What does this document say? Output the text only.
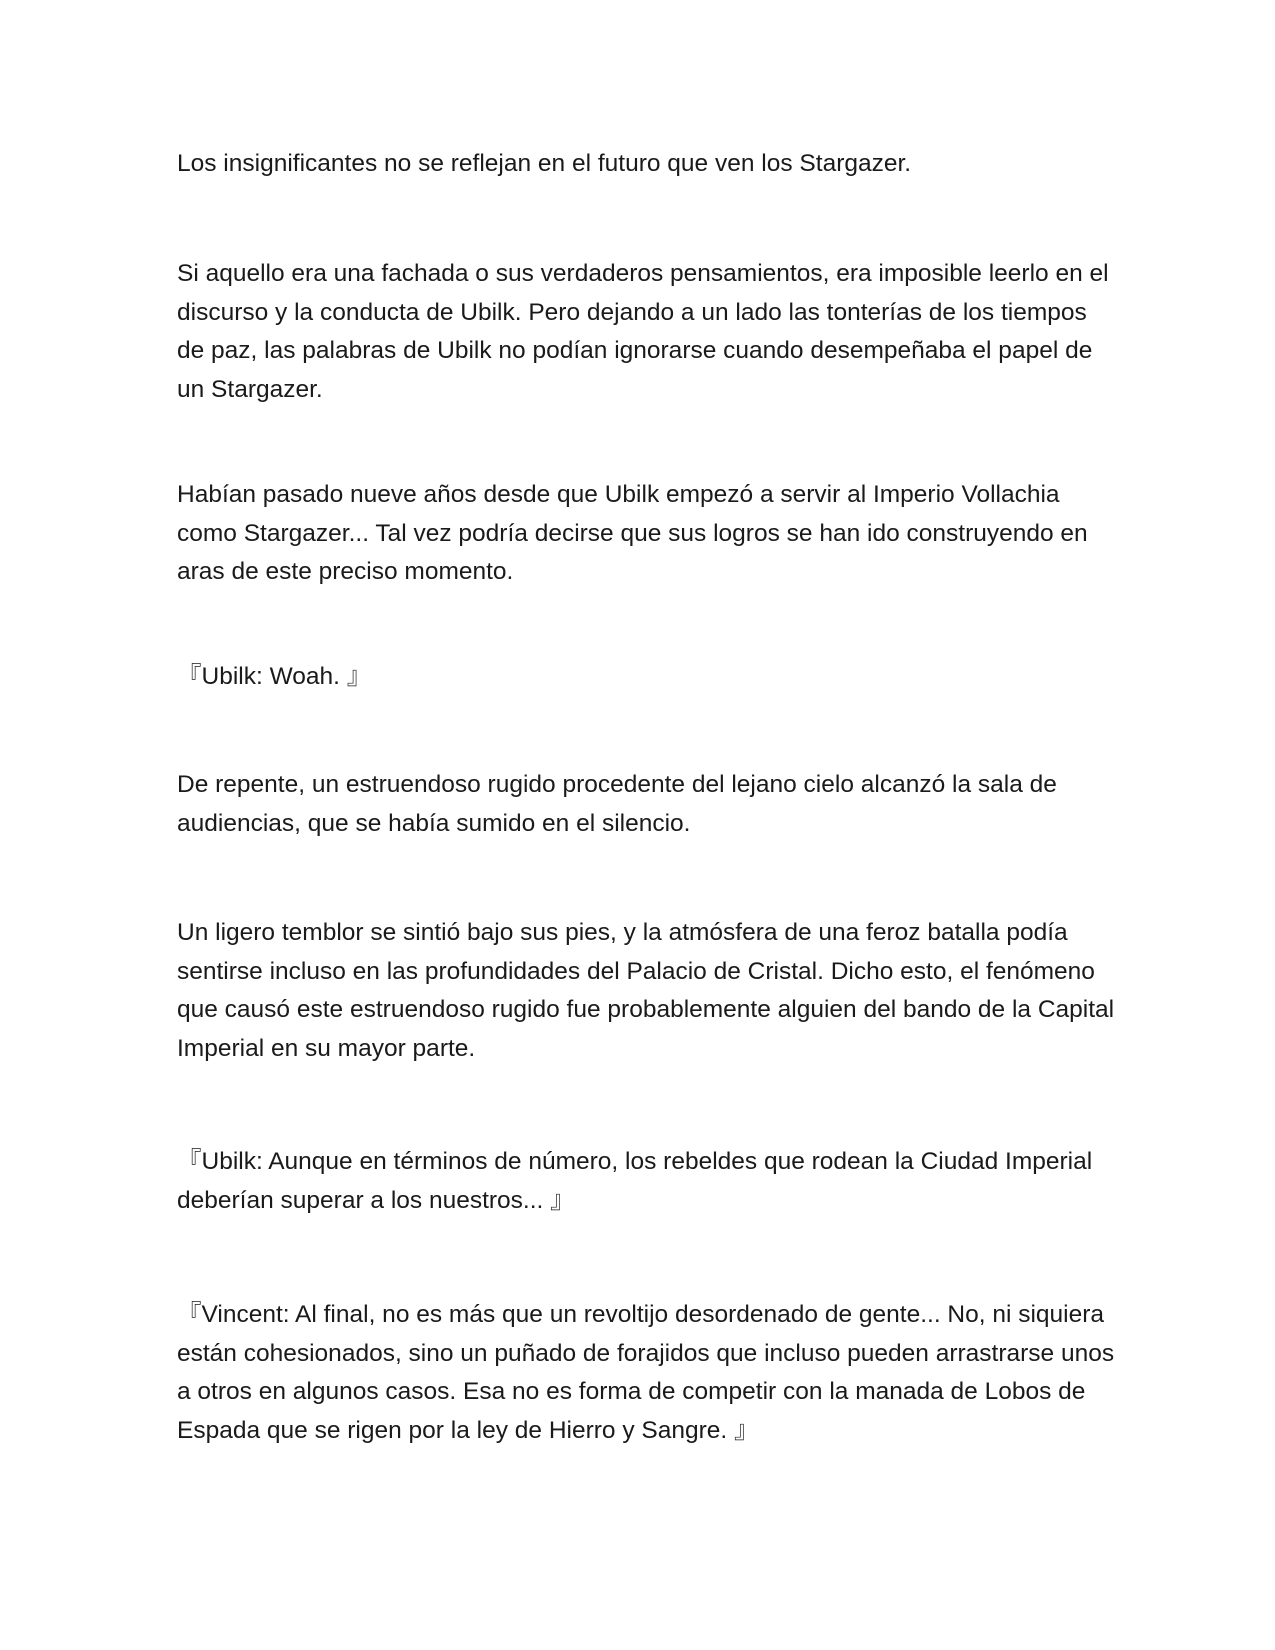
Los insignificantes no se reflejan en el futuro que ven los Stargazer.

Si aquello era una fachada o sus verdaderos pensamientos, era imposible leerlo en el discurso y la conducta de Ubilk. Pero dejando a un lado las tonterías de los tiempos de paz, las palabras de Ubilk no podían ignorarse cuando desempeñaba el papel de un Stargazer.

Habían pasado nueve años desde que Ubilk empezó a servir al Imperio Vollachia como Stargazer... Tal vez podría decirse que sus logros se han ido construyendo en aras de este preciso momento.

『Ubilk: Woah. 』

De repente, un estruendoso rugido procedente del lejano cielo alcanzó la sala de audiencias, que se había sumido en el silencio.

Un ligero temblor se sintió bajo sus pies, y la atmósfera de una feroz batalla podía sentirse incluso en las profundidades del Palacio de Cristal. Dicho esto, el fenómeno que causó este estruendoso rugido fue probablemente alguien del bando de la Capital Imperial en su mayor parte.

『Ubilk: Aunque en términos de número, los rebeldes que rodean la Ciudad Imperial deberían superar a los nuestros... 』

『Vincent: Al final, no es más que un revoltijo desordenado de gente... No, ni siquiera están cohesionados, sino un puñado de forajidos que incluso pueden arrastrarse unos a otros en algunos casos. Esa no es forma de competir con la manada de Lobos de Espada que se rigen por la ley de Hierro y Sangre. 』
